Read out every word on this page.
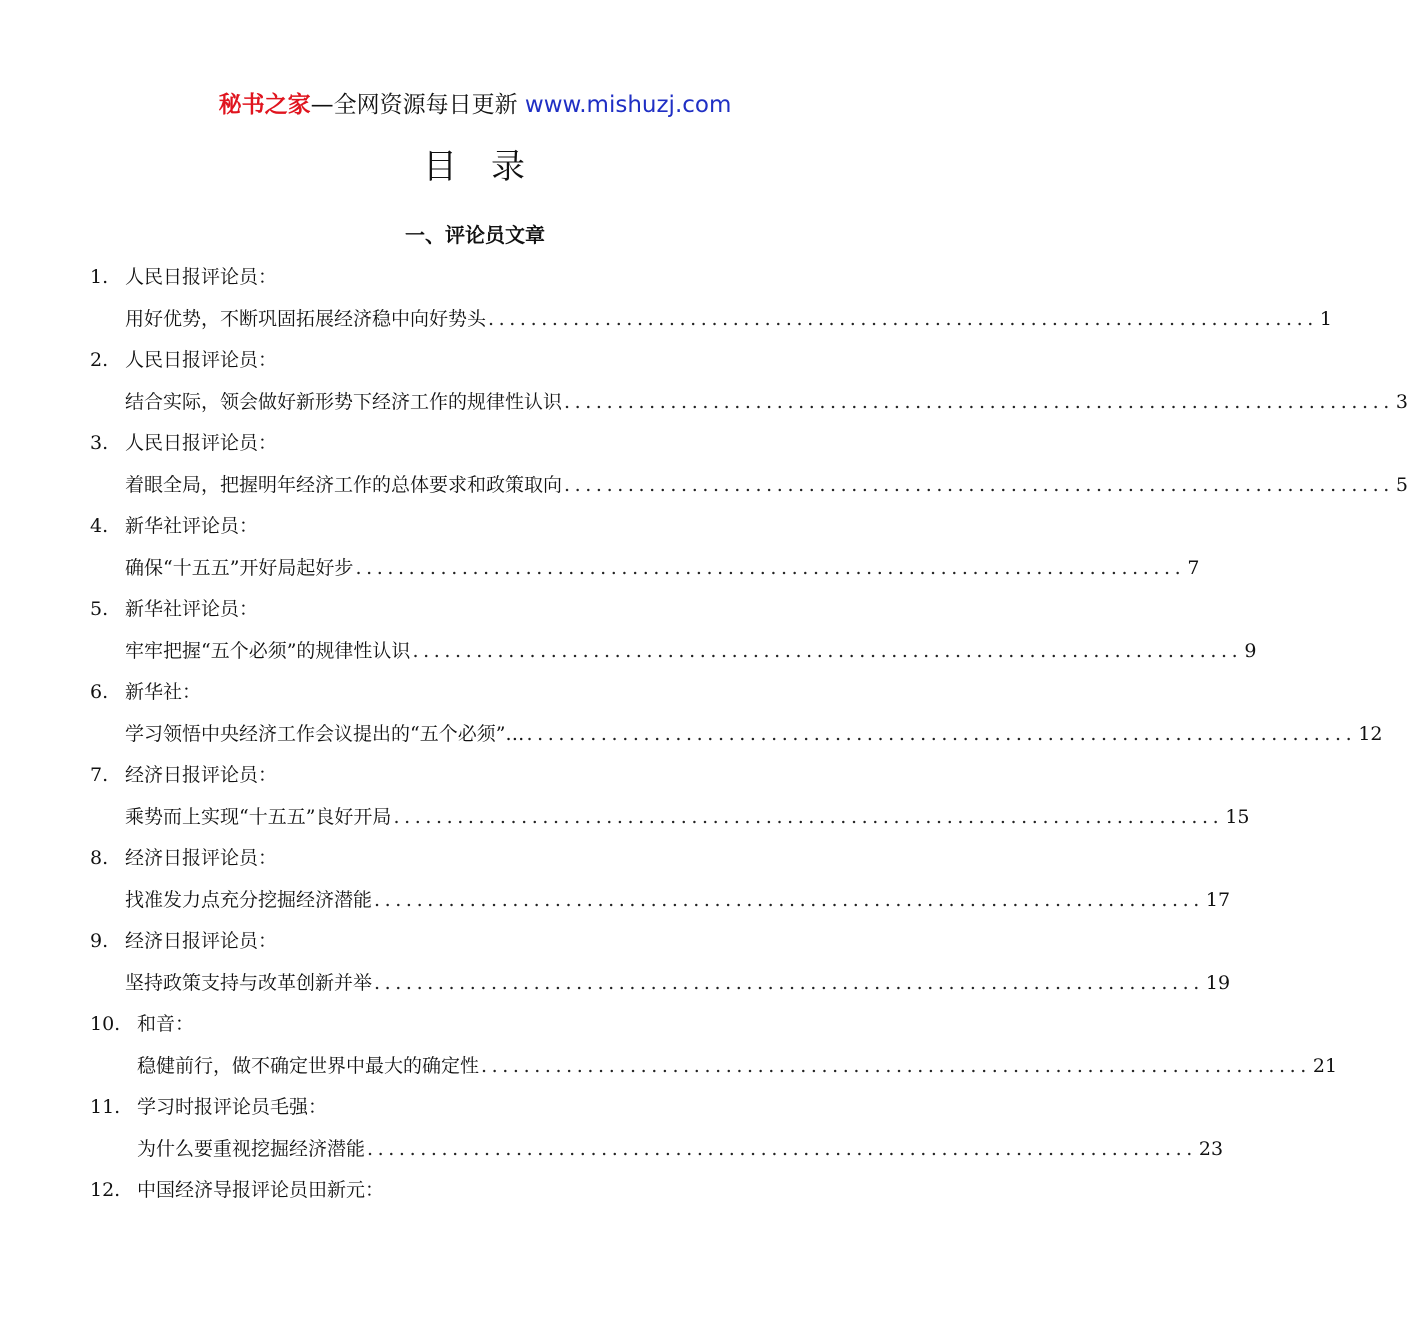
秘书之家—全网资源每日更新 www.mishuzj.com
目 录
一、评论员文章
1. 人民日报评论员：
用好优势，不断巩固拓展经济稳中向好势头 .............................................................................. 1
2. 人民日报评论员：
结合实际，领会做好新形势下经济工作的规律性认识 .............................................................................. 3
3. 人民日报评论员：
着眼全局，把握明年经济工作的总体要求和政策取向 .............................................................................. 5
4. 新华社评论员：
确保“十五五”开好局起好步 .............................................................................. 7
5. 新华社评论员：
牢牢把握“五个必须”的规律性认识 .............................................................................. 9
6. 新华社：
学习领悟中央经济工作会议提出的“五个必须”… .............................................................................. 12
7. 经济日报评论员：
乘势而上实现“十五五”良好开局 .............................................................................. 15
8. 经济日报评论员：
找准发力点充分挖掘经济潜能 .............................................................................. 17
9. 经济日报评论员：
坚持政策支持与改革创新并举 .............................................................................. 19
10. 和音：
稳健前行，做不确定世界中最大的确定性 .............................................................................. 21
11. 学习时报评论员毛强：
为什么要重视挖掘经济潜能 .............................................................................. 23
12. 中国经济导报评论员田新元：
